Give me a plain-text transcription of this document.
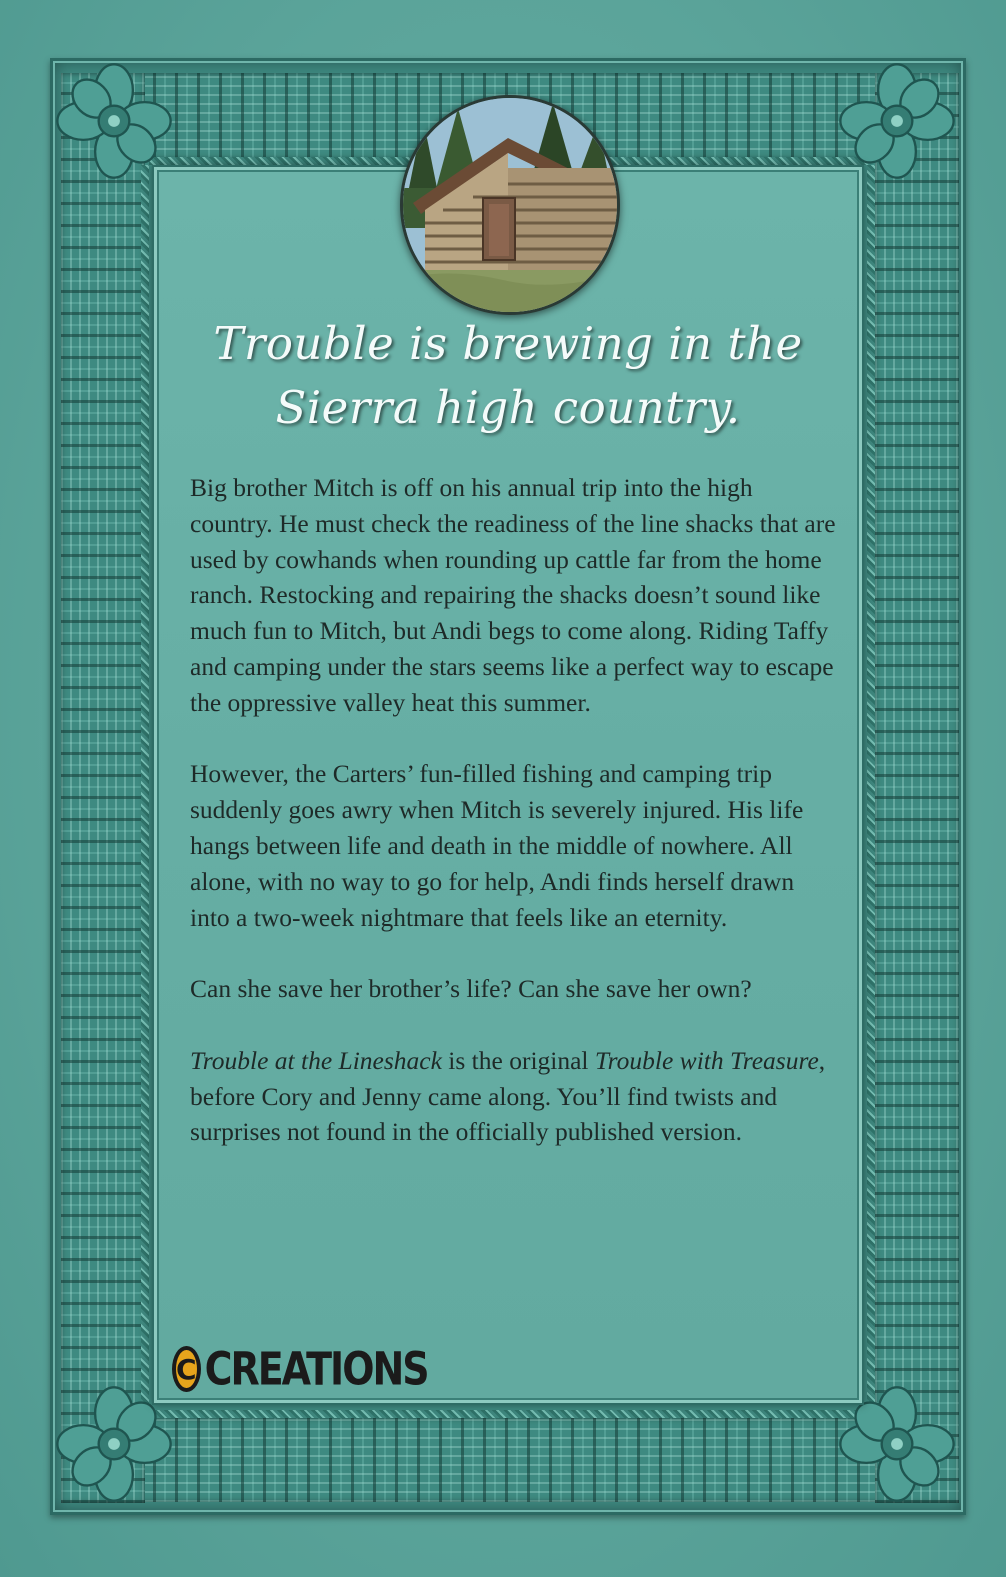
Trouble is brewing in the
Sierra high country.

Big brother Mitch is off on his annual trip into the high country. He must check the readiness of the line shacks that are used by cowhands when rounding up cattle far from the home ranch. Restocking and repairing the shacks doesn’t sound like much fun to Mitch, but Andi begs to come along. Riding Taffy and camping under the stars seems like a perfect way to escape the oppressive valley heat this summer.

However, the Carters’ fun-filled fishing and camping trip suddenly goes awry when Mitch is severely injured. His life hangs between life and death in the middle of nowhere. All alone, with no way to go for help, Andi finds herself drawn into a two-week nightmare that feels like an eternity.

Can she save her brother’s life? Can she save her own?

Trouble at the Lineshack is the original Trouble with Treasure, before Cory and Jenny came along. You’ll find twists and surprises not found in the officially published version.

C CREATIONS
